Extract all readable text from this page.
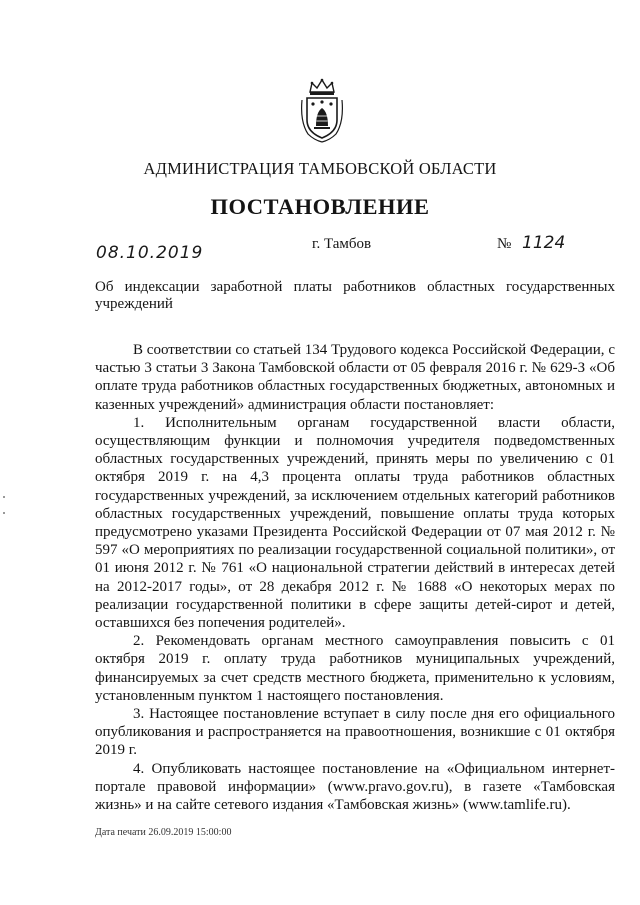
АДМИНИСТРАЦИЯ ТАМБОВСКОЙ ОБЛАСТИ
ПОСТАНОВЛЕНИЕ
08.10.2019	г. Тамбов	№ 1124
Об индексации заработной платы работников областных государственных учреждений

В соответствии со статьей 134 Трудового кодекса Российской Федерации, с частью 3 статьи 3 Закона Тамбовской области от 05 февраля 2016 г. № 629-З «Об оплате труда работников областных государственных бюджетных, автономных и казенных учреждений» администрация области постановляет:

1. Исполнительным органам государственной власти области, осуществляющим функции и полномочия учредителя подведомственных областных государственных учреждений, принять меры по увеличению с 01 октября 2019 г. на 4,3 процента оплаты труда работников областных государственных учреждений, за исключением отдельных категорий работников областных государственных учреждений, повышение оплаты труда которых предусмотрено указами Президента Российской Федерации от 07 мая 2012 г. № 597 «О мероприятиях по реализации государственной социальной политики», от 01 июня 2012 г. № 761 «О национальной стратегии действий в интересах детей на 2012-2017 годы», от 28 декабря 2012 г. № 1688 «О некоторых мерах по реализации государственной политики в сфере защиты детей-сирот и детей, оставшихся без попечения родителей».

2. Рекомендовать органам местного самоуправления повысить с 01 октября 2019 г. оплату труда работников муниципальных учреждений, финансируемых за счет средств местного бюджета, применительно к условиям, установленным пунктом 1 настоящего постановления.

3. Настоящее постановление вступает в силу после дня его официального опубликования и распространяется на правоотношения, возникшие с 01 октября 2019 г.

4. Опубликовать настоящее постановление на «Официальном интернет-портале правовой информации» (www.pravo.gov.ru), в газете «Тамбовская жизнь» и на сайте сетевого издания «Тамбовская жизнь» (www.tamlife.ru).

Дата печати 26.09.2019 15:00:00
